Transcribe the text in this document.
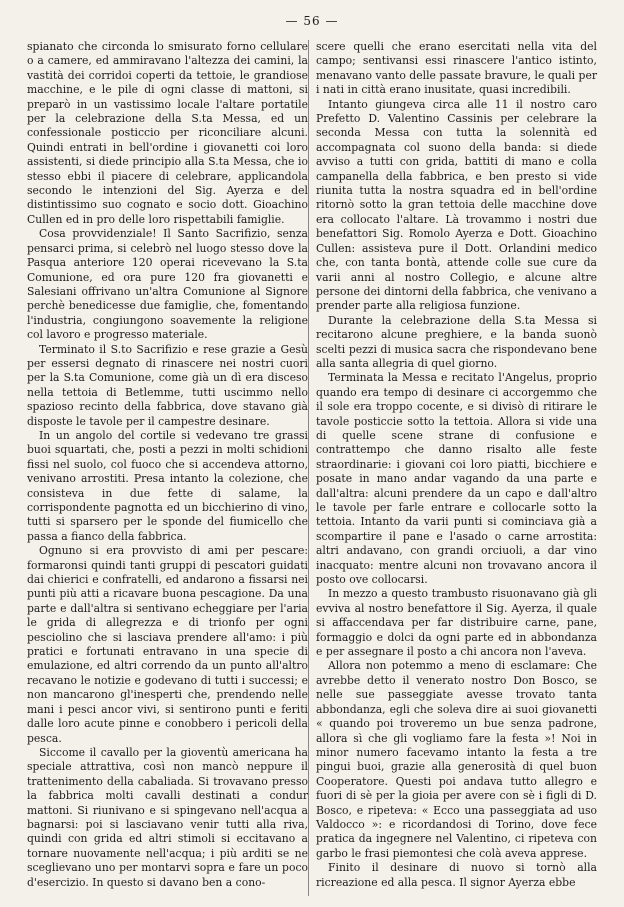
— 56 —

spianato che circonda lo smisurato forno cellulare o a camere, ed ammiravano l'altezza dei camini, la vastità dei corridoi coperti da tettoie, le grandiose macchine, e le pile di ogni classe di mattoni, si preparò in un vastissimo locale l'altare portatile per la celebrazione della S.ta Messa, ed un confessionale posticcio per riconciliare alcuni. Quindi entrati in bell'ordine i giovanetti coi loro assistenti, si diede principio alla S.ta Messa, che io stesso ebbi il piacere di celebrare, applicandola secondo le intenzioni del Sig. Ayerza e del distintissimo suo cognato e socio dott. Gioachino Cullen ed in pro delle loro rispettabili famiglie.

Cosa provvidenziale! Il Santo Sacrifizio, senza pensarci prima, si celebrò nel luogo stesso dove la Pasqua anteriore 120 operai ricevevano la S.ta Comunione, ed ora pure 120 fra giovanetti e Salesiani offrivano un'altra Comunione al Signore perchè benedicesse due famiglie, che, fomentando l'industria, congiungono soavemente la religione col lavoro e progresso materiale.

Terminato il S.to Sacrifizio e rese grazie a Gesù per essersi degnato di rinascere nei nostri cuori per la S.ta Comunione, come già un dì era disceso nella tettoia di Betlemme, tutti uscimmo nello spazioso recinto della fabbrica, dove stavano già disposte le tavole per il campestre desinare.

In un angolo del cortile si vedevano tre grassi buoi squartati, che, posti a pezzi in molti schidioni fissi nel suolo, col fuoco che si accendeva attorno, venivano arrostiti. Presa intanto la colezione, che consisteva in due fette di salame, la corrispondente pagnotta ed un bicchierino di vino, tutti si sparsero per le sponde del fiumicello che passa a fianco della fabbrica.

Ognuno si era provvisto di ami per pescare: formaronsi quindi tanti gruppi di pescatori guidati dai chierici e confratelli, ed andarono a fissarsi nei punti più atti a ricavare buona pescagione. Da una parte e dall'altra si sentivano echeggiare per l'aria le grida di allegrezza e di trionfo per ogni pesciolino che si lasciava prendere all'amo: i più pratici e fortunati entravano in una specie di emulazione, ed altri correndo da un punto all'altro recavano le notizie e godevano di tutti i successi; e non mancarono gl'inesperti che, prendendo nelle mani i pesci ancor vivi, si sentirono punti e feriti dalle loro acute pinne e conobbero i pericoli della pesca.

Siccome il cavallo per la gioventù americana ha speciale attrattiva, così non mancò neppure il trattenimento della cabaliada. Si trovavano presso la fabbrica molti cavalli destinati a condur mattoni. Si riunivano e si spingevano nell'acqua a bagnarsi: poi si lasciavano venir tutti alla riva, quindi con grida ed altri stimoli si eccitavano a tornare nuovamente nell'acqua; i più arditi se ne sceglievano uno per montarvi sopra e fare un poco d'esercizio. In questo si davano ben a cono-

scere quelli che erano esercitati nella vita del campo; sentivansi essi rinascere l'antico istinto, menavano vanto delle passate bravure, le quali per i nati in città erano inusitate, quasi incredibili.

Intanto giungeva circa alle 11 il nostro caro Prefetto D. Valentino Cassinis per celebrare la seconda Messa con tutta la solennità ed accompagnata col suono della banda: si diede avviso a tutti con grida, battiti di mano e colla campanella della fabbrica, e ben presto si vide riunita tutta la nostra squadra ed in bell'ordine ritornò sotto la gran tettoia delle macchine dove era collocato l'altare. Là trovammo i nostri due benefattori Sig. Romolo Ayerza e Dott. Gioachino Cullen: assisteva pure il Dott. Orlandini medico che, con tanta bontà, attende colle sue cure da varii anni al nostro Collegio, e alcune altre persone dei dintorni della fabbrica, che venivano a prender parte alla religiosa funzione.

Durante la celebrazione della S.ta Messa si recitarono alcune preghiere, e la banda suonò scelti pezzi di musica sacra che rispondevano bene alla santa allegria di quel giorno.

Terminata la Messa e recitato l'Angelus, proprio quando era tempo di desinare ci accorgemmo che il sole era troppo cocente, e si divisò di ritirare le tavole posticcie sotto la tettoia. Allora si vide una di quelle scene strane di confusione e contrattempo che danno risalto alle feste straordinarie: i giovani coi loro piatti, bicchiere e posate in mano andar vagando da una parte e dall'altra: alcuni prendere da un capo e dall'altro le tavole per farle entrare e collocarle sotto la tettoia. Intanto da varii punti si cominciava già a scompartire il pane e l'asado o carne arrostita: altri andavano, con grandi orciuoli, a dar vino inacquato: mentre alcuni non trovavano ancora il posto ove collocarsi.

In mezzo a questo trambusto risuonavano già gli evviva al nostro benefattore il Sig. Ayerza, il quale si affaccendava per far distribuire carne, pane, formaggio e dolci da ogni parte ed in abbondanza e per assegnare il posto a chi ancora non l'aveva.

Allora non potemmo a meno di esclamare: Che avrebbe detto il venerato nostro Don Bosco, se nelle sue passeggiate avesse trovato tanta abbondanza, egli che soleva dire ai suoi giovanetti « quando poi troveremo un bue senza padrone, allora sì che gli vogliamo fare la festa »! Noi in minor numero facevamo intanto la festa a tre pingui buoi, grazie alla generosità di quel buon Cooperatore. Questi poi andava tutto allegro e fuori di sè per la gioia per avere con sè i figli di D. Bosco, e ripeteva: « Ecco una passeggiata ad uso Valdocco »: e ricordandosi di Torino, dove fece pratica da ingegnere nel Valentino, ci ripeteva con garbo le frasi piemontesi che colà aveva apprese.

Finito il desinare di nuovo si tornò alla ricreazione ed alla pesca. Il signor Ayerza ebbe
